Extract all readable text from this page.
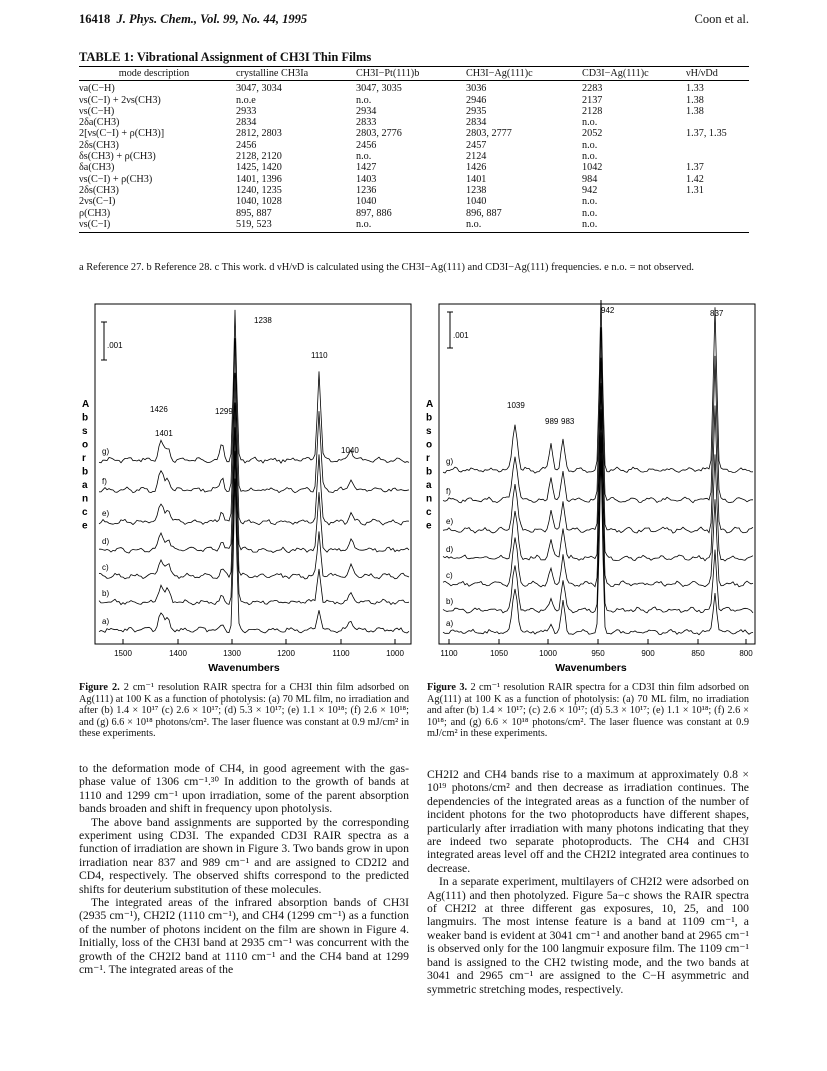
16418 J. Phys. Chem., Vol. 99, No. 44, 1995	Coon et al.
TABLE 1: Vibrational Assignment of CH3I Thin Films
mode description	crystalline CH3Ia	CH3I−Pt(111)b	CH3I−Ag(111)c	CD3I−Ag(111)c	νH/νDd
νa(C−H)	3047, 3034	3047, 3035	3036	2283	1.33
νs(C−I) + 2νs(CH3)	n.o.e	n.o.	2946	2137	1.38
νs(C−H)	2933	2934	2935	2128	1.38
2δa(CH3)	2834	2833	2834	n.o.	
2[νs(C−I) + ρ(CH3)]	2812, 2803	2803, 2776	2803, 2777	2052	1.37, 1.35
2δs(CH3)	2456	2456	2457	n.o.	
δs(CH3) + ρ(CH3)	2128, 2120	n.o.	2124	n.o.	
δa(CH3)	1425, 1420	1427	1426	1042	1.37
νs(C−I) + ρ(CH3)	1401, 1396	1403	1401	984	1.42
2δs(CH3)	1240, 1235	1236	1238	942	1.31
2νs(C−I)	1040, 1028	1040	1040	n.o.	
ρ(CH3)	895, 887	897, 886	896, 887	n.o.	
νs(C−I)	519, 523	n.o.	n.o.	n.o.	
a Reference 27. b Reference 28. c This work. d νH/νD is calculated using the CH3I−Ag(111) and CD3I−Ag(111) frequencies. e n.o. = not observed.
g)
f)
e)
d)
c)
b)
a)
1500	1400	1300	1200	1100	1000
.001
A
b
s
o
r
b
a
n
c
e
1238
1110
1426	1299
1401
1040
Wavenumbers
Figure 2. 2 cm⁻¹ resolution RAIR spectra for a CH3I thin film adsorbed on Ag(111) at 100 K as a function of photolysis: (a) 70 ML film, no irradiation and after (b) 1.4 × 10¹⁷ (c) 2.6 × 10¹⁷; (d) 5.3 × 10¹⁷; (e) 1.1 × 10¹⁸; (f) 2.6 × 10¹⁸; and (g) 6.6 × 10¹⁸ photons/cm². The laser fluence was constant at 0.9 mJ/cm² in these experiments.
g)
f)
e)
d)
c)
b)
a)
1100	1050	1000	950	900	850	800
.001
A
b
s
o
r
b
a
n
c
e
942	837
1039
989 983
Wavenumbers
Figure 3. 2 cm⁻¹ resolution RAIR spectra for a CD3I thin film adsorbed on Ag(111) at 100 K as a function of photolysis: (a) 70 ML film, no irradiation and after (b) 1.4 × 10¹⁷; (c) 2.6 × 10¹⁷; (d) 5.3 × 10¹⁷; (e) 1.1 × 10¹⁸; (f) 2.6 × 10¹⁸; and (g) 6.6 × 10¹⁸ photons/cm². The laser fluence was constant at 0.9 mJ/cm² in these experiments.

to the deformation mode of CH4, in good agreement with the gas-phase value of 1306 cm⁻¹.³⁰ In addition to the growth of bands at 1110 and 1299 cm⁻¹ upon irradiation, some of the parent absorption bands broaden and shift in frequency upon photolysis.

The above band assignments are supported by the corresponding experiment using CD3I. The expanded CD3I RAIR spectra as a function of irradiation are shown in Figure 3. Two bands grow in upon irradiation near 837 and 989 cm⁻¹ and are assigned to CD2I2 and CD4, respectively. The observed shifts correspond to the predicted shifts for deuterium substitution of these molecules.

The integrated areas of the infrared absorption bands of CH3I (2935 cm⁻¹), CH2I2 (1110 cm⁻¹), and CH4 (1299 cm⁻¹) as a function of the number of photons incident on the film are shown in Figure 4. Initially, loss of the CH3I band at 2935 cm⁻¹ was concurrent with the growth of the CH2I2 band at 1110 cm⁻¹ and the CH4 band at 1299 cm⁻¹. The integrated areas of the

CH2I2 and CH4 bands rise to a maximum at approximately 0.8 × 10¹⁹ photons/cm² and then decrease as irradiation continues. The dependencies of the integrated areas as a function of the number of incident photons for the two photoproducts have different shapes, particularly after irradiation with many photons indicating that they are indeed two separate photoproducts. The CH4 and CH3I integrated areas level off and the CH2I2 integrated area continues to decrease.

In a separate experiment, multilayers of CH2I2 were adsorbed on Ag(111) and then photolyzed. Figure 5a−c shows the RAIR spectra of CH2I2 at three different gas exposures, 10, 25, and 100 langmuirs. The most intense feature is a band at 1109 cm⁻¹, a weaker band is evident at 3041 cm⁻¹ and another band at 2965 cm⁻¹ is observed only for the 100 langmuir exposure film. The 1109 cm⁻¹ band is assigned to the CH2 twisting mode, and the two bands at 3041 and 2965 cm⁻¹ are assigned to the C−H asymmetric and symmetric stretching modes, respectively.
